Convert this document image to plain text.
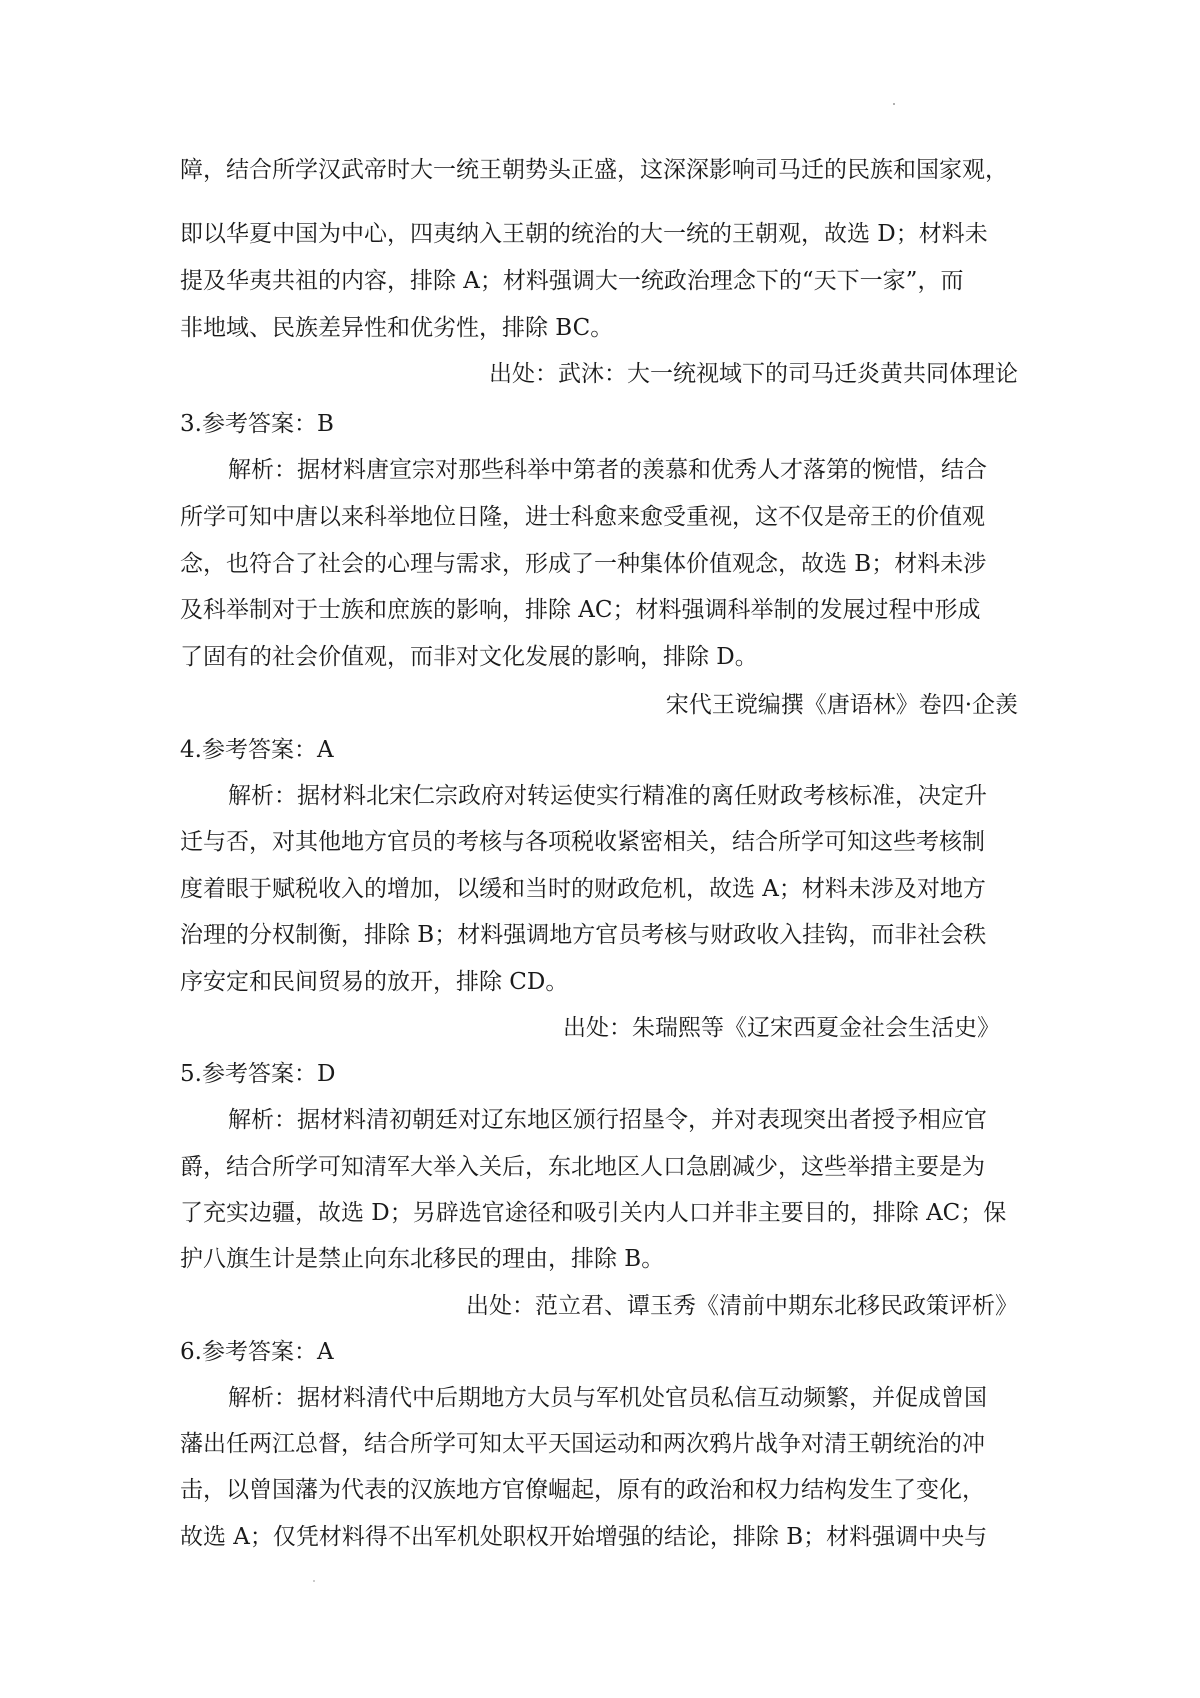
障，结合所学汉武帝时大一统王朝势头正盛，这深深影响司马迁的民族和国家观，
即以华夏中国为中心，四夷纳入王朝的统治的大一统的王朝观，故选 D；材料未
提及华夷共祖的内容，排除 A；材料强调大一统政治理念下的“天下一家”，而
非地域、民族差异性和优劣性，排除 BC。
出处：武沐：大一统视域下的司马迁炎黄共同体理论
3.参考答案：B
解析：据材料唐宣宗对那些科举中第者的羡慕和优秀人才落第的惋惜，结合
所学可知中唐以来科举地位日隆，进士科愈来愈受重视，这不仅是帝王的价值观
念，也符合了社会的心理与需求，形成了一种集体价值观念，故选 B；材料未涉
及科举制对于士族和庶族的影响，排除 AC；材料强调科举制的发展过程中形成
了固有的社会价值观，而非对文化发展的影响，排除 D。
宋代王谠编撰《唐语林》卷四·企羡
4.参考答案：A
解析：据材料北宋仁宗政府对转运使实行精准的离任财政考核标准，决定升
迁与否，对其他地方官员的考核与各项税收紧密相关，结合所学可知这些考核制
度着眼于赋税收入的增加，以缓和当时的财政危机，故选 A；材料未涉及对地方
治理的分权制衡，排除 B；材料强调地方官员考核与财政收入挂钩，而非社会秩
序安定和民间贸易的放开，排除 CD。
出处：朱瑞熙等《辽宋西夏金社会生活史》
5.参考答案：D
解析：据材料清初朝廷对辽东地区颁行招垦令，并对表现突出者授予相应官
爵，结合所学可知清军大举入关后，东北地区人口急剧减少，这些举措主要是为
了充实边疆，故选 D；另辟选官途径和吸引关内人口并非主要目的，排除 AC；保
护八旗生计是禁止向东北移民的理由，排除 B。
出处：范立君、谭玉秀《清前中期东北移民政策评析》
6.参考答案：A
解析：据材料清代中后期地方大员与军机处官员私信互动频繁，并促成曾国
藩出任两江总督，结合所学可知太平天国运动和两次鸦片战争对清王朝统治的冲
击，以曾国藩为代表的汉族地方官僚崛起，原有的政治和权力结构发生了变化，
故选 A；仅凭材料得不出军机处职权开始增强的结论，排除 B；材料强调中央与
